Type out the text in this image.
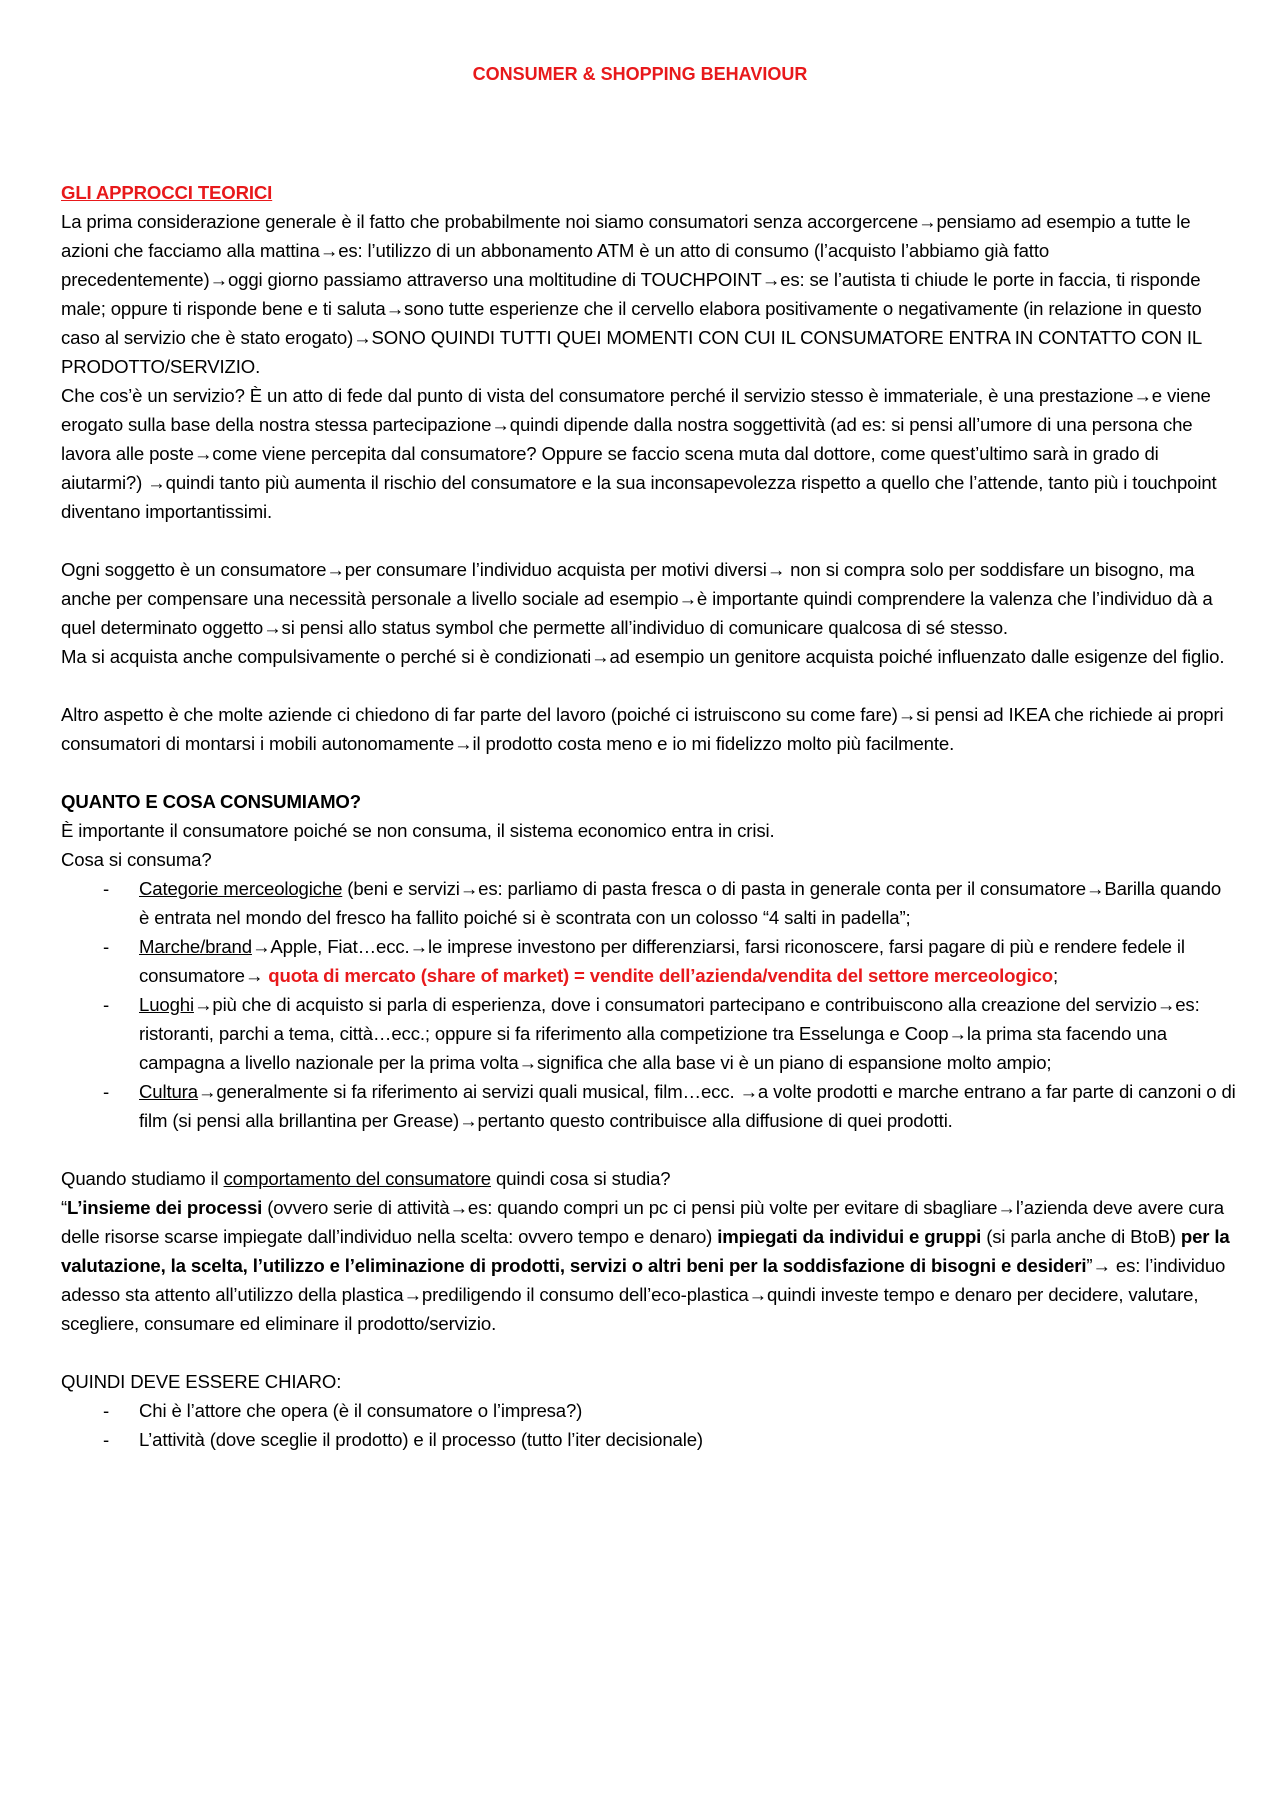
CONSUMER & SHOPPING BEHAVIOUR

GLI APPROCCI TEORICI

La prima considerazione generale è il fatto che probabilmente noi siamo consumatori senza accorgercene→pensiamo ad esempio a tutte le azioni che facciamo alla mattina→es: l’utilizzo di un abbonamento ATM è un atto di consumo (l’acquisto l’abbiamo già fatto precedentemente)→oggi giorno passiamo attraverso una moltitudine di TOUCHPOINT→es: se l’autista ti chiude le porte in faccia, ti risponde male; oppure ti risponde bene e ti saluta→sono tutte esperienze che il cervello elabora positivamente o negativamente (in relazione in questo caso al servizio che è stato erogato)→SONO QUINDI TUTTI QUEI MOMENTI CON CUI IL CONSUMATORE ENTRA IN CONTATTO CON IL PRODOTTO/SERVIZIO.

Che cos’è un servizio? È un atto di fede dal punto di vista del consumatore perché il servizio stesso è immateriale, è una prestazione→e viene erogato sulla base della nostra stessa partecipazione→quindi dipende dalla nostra soggettività (ad es: si pensi all’umore di una persona che lavora alle poste→come viene percepita dal consumatore? Oppure se faccio scena muta dal dottore, come quest’ultimo sarà in grado di aiutarmi?) →quindi tanto più aumenta il rischio del consumatore e la sua inconsapevolezza rispetto a quello che l’attende, tanto più i touchpoint diventano importantissimi.

Ogni soggetto è un consumatore→per consumare l’individuo acquista per motivi diversi→ non si compra solo per soddisfare un bisogno, ma anche per compensare una necessità personale a livello sociale ad esempio→è importante quindi comprendere la valenza che l’individuo dà a quel determinato oggetto→si pensi allo status symbol che permette all’individuo di comunicare qualcosa di sé stesso.

Ma si acquista anche compulsivamente o perché si è condizionati→ad esempio un genitore acquista poiché influenzato dalle esigenze del figlio.

Altro aspetto è che molte aziende ci chiedono di far parte del lavoro (poiché ci istruiscono su come fare)→si pensi ad IKEA che richiede ai propri consumatori di montarsi i mobili autonomamente→il prodotto costa meno e io mi fidelizzo molto più facilmente.

QUANTO E COSA CONSUMIAMO?

È importante il consumatore poiché se non consuma, il sistema economico entra in crisi.

Cosa si consuma?

- Categorie merceologiche (beni e servizi→es: parliamo di pasta fresca o di pasta in generale conta per il consumatore→Barilla quando è entrata nel mondo del fresco ha fallito poiché si è scontrata con un colosso “4 salti in padella”;
- Marche/brand→Apple, Fiat…ecc.→le imprese investono per differenziarsi, farsi riconoscere, farsi pagare di più e rendere fedele il consumatore→ quota di mercato (share of market) = vendite dell’azienda/vendita del settore merceologico;
- Luoghi→più che di acquisto si parla di esperienza, dove i consumatori partecipano e contribuiscono alla creazione del servizio→es: ristoranti, parchi a tema, città…ecc.; oppure si fa riferimento alla competizione tra Esselunga e Coop→la prima sta facendo una campagna a livello nazionale per la prima volta→significa che alla base vi è un piano di espansione molto ampio;
- Cultura→generalmente si fa riferimento ai servizi quali musical, film…ecc. →a volte prodotti e marche entrano a far parte di canzoni o di film (si pensi alla brillantina per Grease)→pertanto questo contribuisce alla diffusione di quei prodotti.

Quando studiamo il comportamento del consumatore quindi cosa si studia?

“L’insieme dei processi (ovvero serie di attività→es: quando compri un pc ci pensi più volte per evitare di sbagliare→l’azienda deve avere cura delle risorse scarse impiegate dall’individuo nella scelta: ovvero tempo e denaro) impiegati da individui e gruppi (si parla anche di BtoB) per la valutazione, la scelta, l’utilizzo e l’eliminazione di prodotti, servizi o altri beni per la soddisfazione di bisogni e desideri”→ es: l’individuo adesso sta attento all’utilizzo della plastica→prediligendo il consumo dell’eco-plastica→quindi investe tempo e denaro per decidere, valutare, scegliere, consumare ed eliminare il prodotto/servizio.

QUINDI DEVE ESSERE CHIARO:

- Chi è l’attore che opera (è il consumatore o l’impresa?)
- L’attività (dove sceglie il prodotto) e il processo (tutto l’iter decisionale)
